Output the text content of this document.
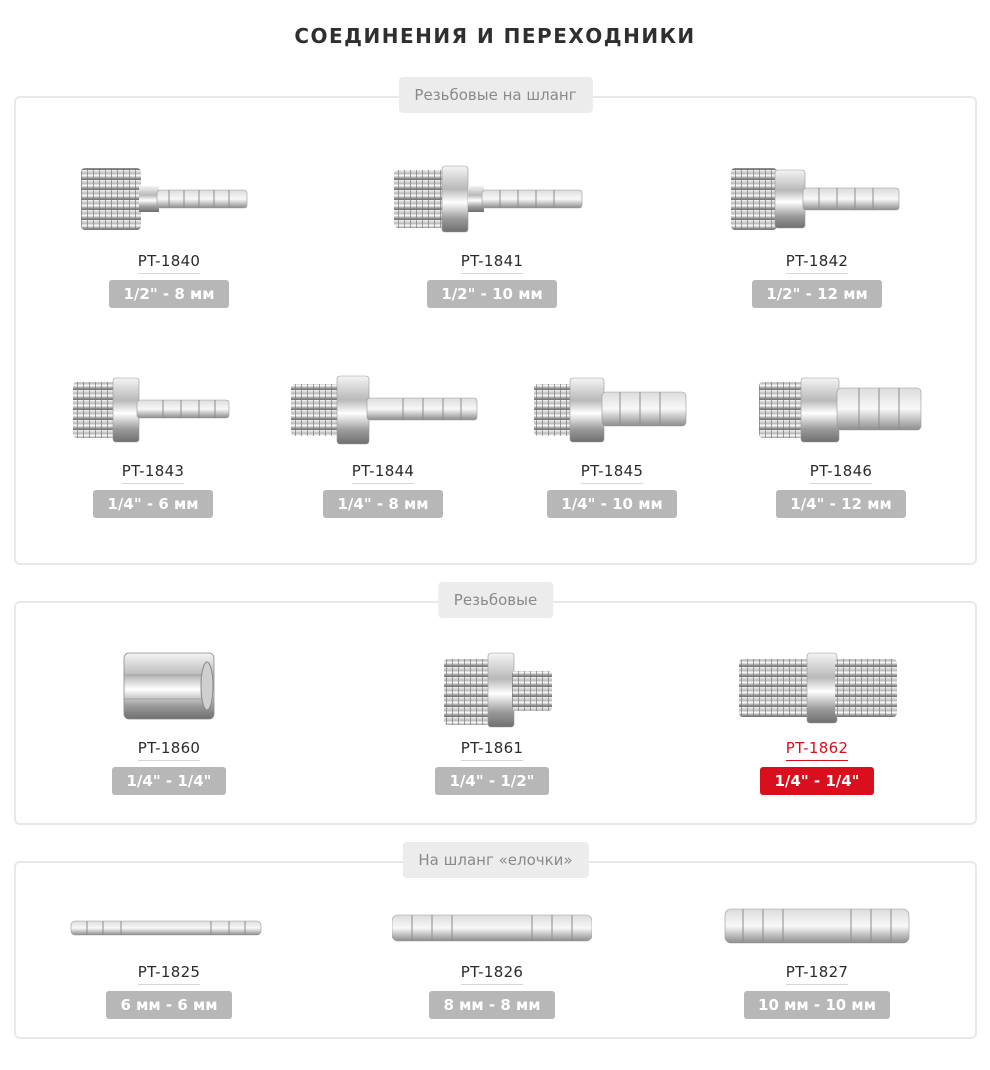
СОЕДИНЕНИЯ И ПЕРЕХОДНИКИ
Резьбовые на шланг
PT-1840
1/2" - 8 мм
PT-1841
1/2" - 10 мм
PT-1842
1/2" - 12 мм
PT-1843
1/4" - 6 мм
PT-1844
1/4" - 8 мм
PT-1845
1/4" - 10 мм
PT-1846
1/4" - 12 мм
Резьбовые
PT-1860
1/4" - 1/4"
PT-1861
1/4" - 1/2"
PT-1862
1/4" - 1/4"
На шланг «елочки»
PT-1825
6 мм - 6 мм
PT-1826
8 мм - 8 мм
PT-1827
10 мм - 10 мм
